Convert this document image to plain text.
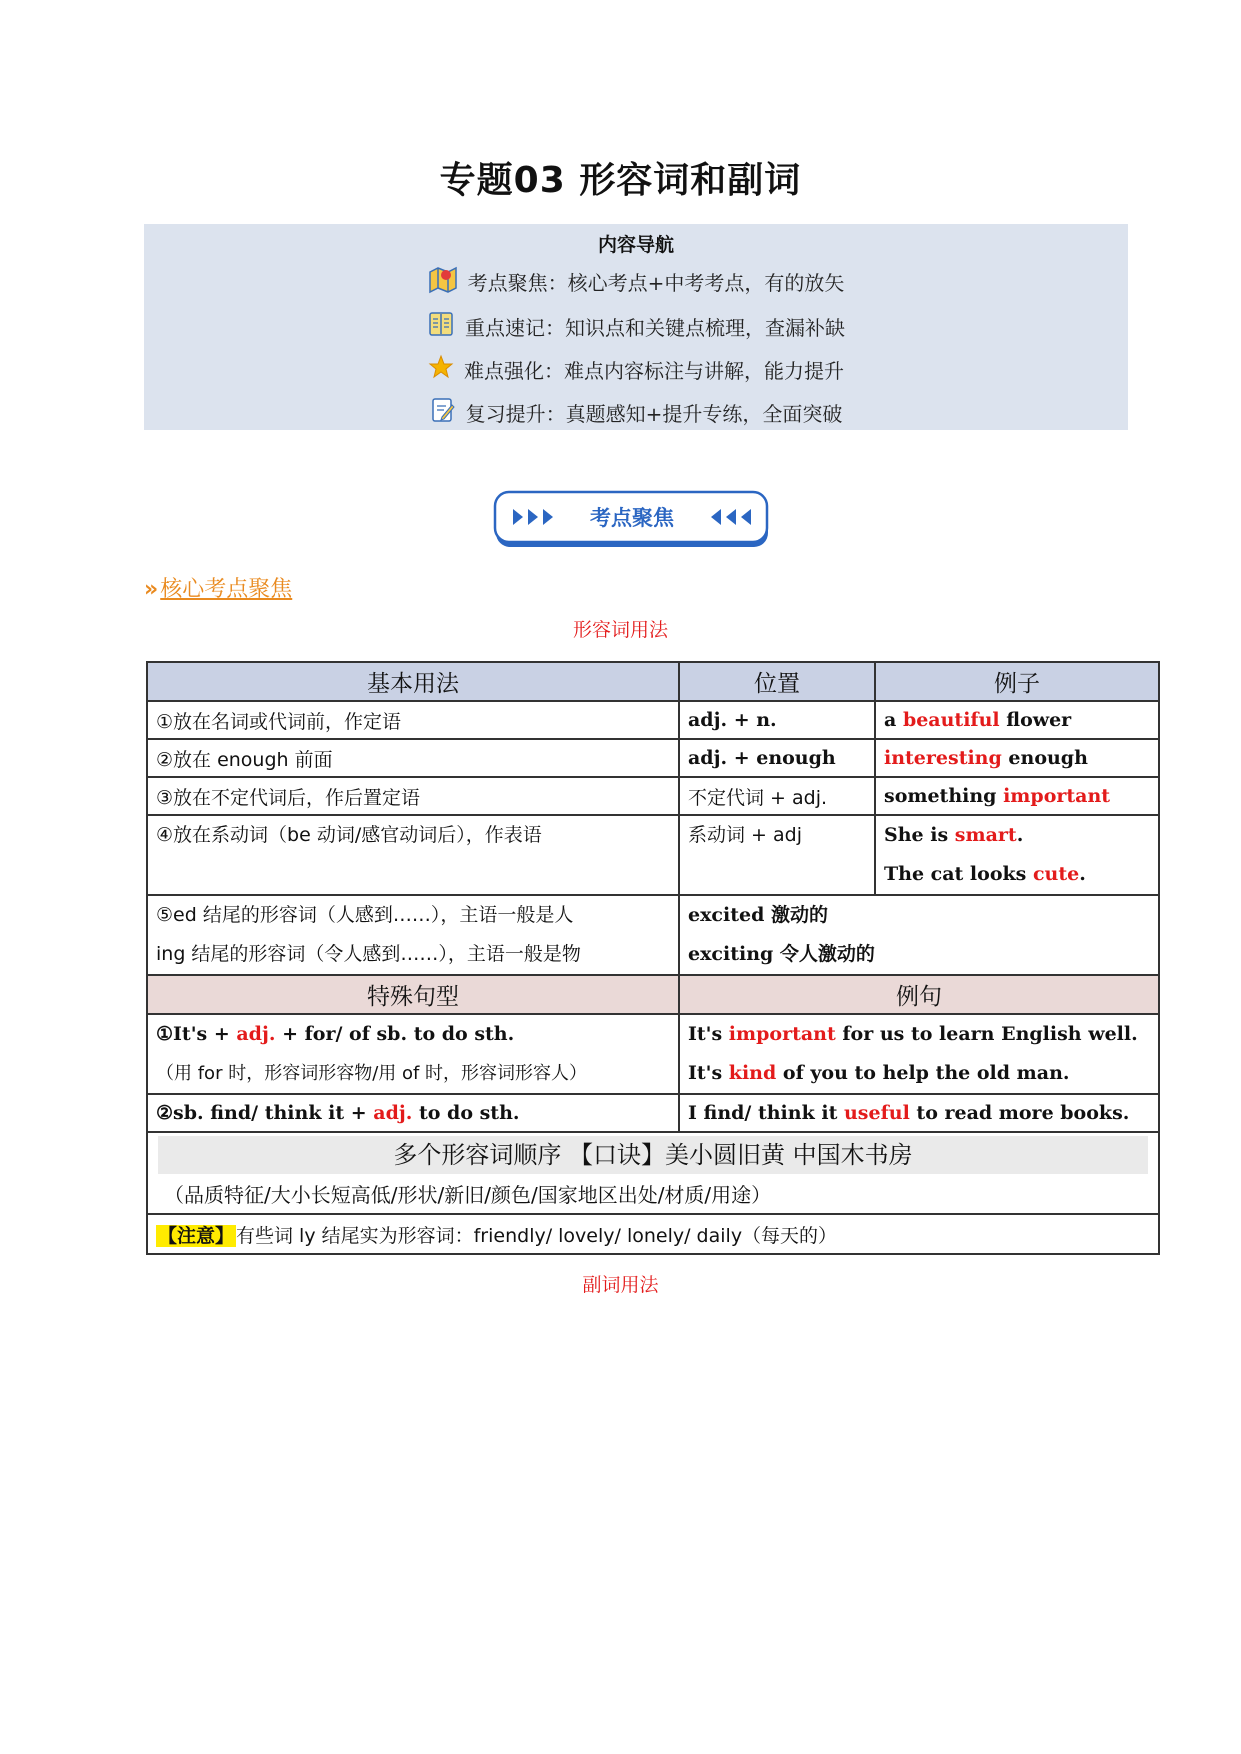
专题03 形容词和副词
内容导航
考点聚焦：核心考点+中考考点，有的放矢
重点速记：知识点和关键点梳理，查漏补缺
难点强化：难点内容标注与讲解，能力提升
复习提升：真题感知+提升专练，全面突破
考点聚焦
» 核心考点聚焦
形容词用法
基本用法	位置	例子
①放在名词或代词前，作定语	adj. + n.	a beautiful flower
②放在 enough 前面	adj. + enough	interesting enough
③放在不定代词后，作后置定语	不定代词 + adj.	something important

④放在系动词（be 动词/感官动词后），作表语	系动词 + adj	She is smart.
The cat looks cute.

⑤ed 结尾的形容词（人感到……），主语一般是人
ing 结尾的形容词（令人感到……），主语一般是物	excited 激动的
exciting 令人激动的	

特殊句型	例句	

①It's + adj. + for/ of sb. to do sth.
（用 for 时，形容词形容物/用 of 时，形容词形容人）	It's important for us to learn English well.
It's kind of you to help the old man.	

②sb. find/ think it + adj. to do sth.	I find/ think it useful to read more books.	

多个形容词顺序 【口诀】美小圆旧黄 中国木书房
（品质特征/大小长短高低/形状/新旧/颜色/国家地区出处/材质/用途）		

【注意】 有些词 ly 结尾实为形容词：friendly/ lovely/ lonely/ daily（每天的）		
副词用法
